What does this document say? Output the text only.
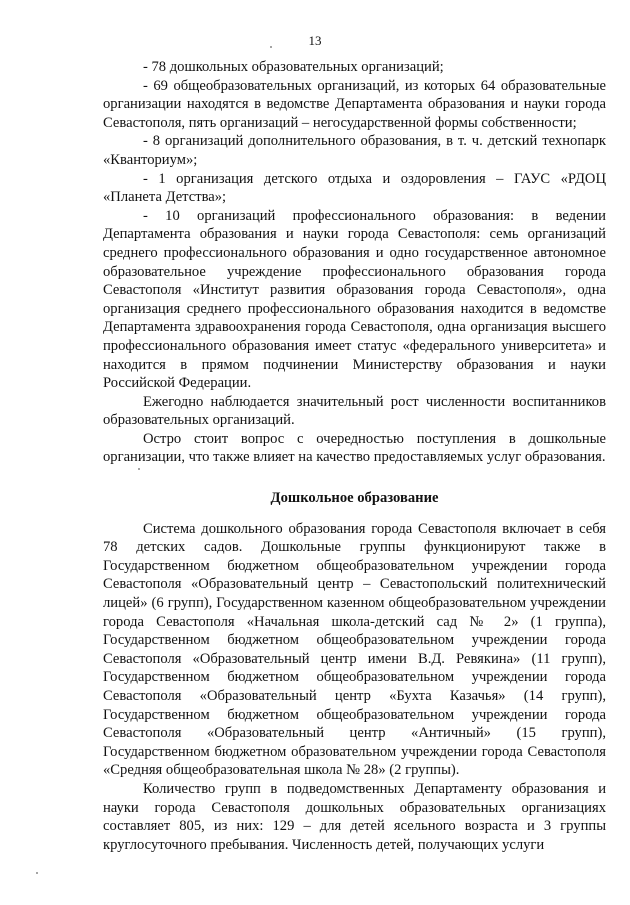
13

- 78 дошкольных образовательных организаций;

- 69 общеобразовательных организаций, из которых 64 образовательные организации находятся в ведомстве Департамента образования и науки города Севастополя, пять организаций – негосударственной формы собственности;

- 8 организаций дополнительного образования, в т. ч. детский технопарк «Кванториум»;

- 1 организация детского отдыха и оздоровления – ГАУС «РДОЦ «Планета Детства»;

- 10 организаций профессионального образования: в ведении Департамента образования и науки города Севастополя: семь организаций среднего профессионального образования и одно государственное автономное образовательное учреждение профессионального образования города Севастополя «Институт развития образования города Севастополя», одна организация среднего профессионального образования находится в ведомстве Департамента здравоохранения города Севастополя, одна организация высшего профессионального образования имеет статус «федерального университета» и находится в прямом подчинении Министерству образования и науки Российской Федерации.

Ежегодно наблюдается значительный рост численности воспитанников образовательных организаций.

Остро стоит вопрос с очередностью поступления в дошкольные организации, что также влияет на качество предоставляемых услуг образования.

Дошкольное образование

Система дошкольного образования города Севастополя включает в себя 78 детских садов. Дошкольные группы функционируют также в Государственном бюджетном общеобразовательном учреждении города Севастополя «Образовательный центр – Севастопольский политехнический лицей» (6 групп), Государственном казенном общеобразовательном учреждении города Севастополя «Начальная школа-детский сад № 2» (1 группа), Государственном бюджетном общеобразовательном учреждении города Севастополя «Образовательный центр имени В.Д. Ревякина» (11 групп), Государственном бюджетном общеобразовательном учреждении города Севастополя «Образовательный центр «Бухта Казачья» (14 групп), Государственном бюджетном общеобразовательном учреждении города Севастополя «Образовательный центр «Античный» (15 групп), Государственном бюджетном образовательном учреждении города Севастополя «Средняя общеобразовательная школа № 28» (2 группы).

Количество групп в подведомственных Департаменту образования и науки города Севастополя дошкольных образовательных организациях составляет 805, из них: 129 – для детей ясельного возраста и 3 группы круглосуточного пребывания. Численность детей, получающих услуги
